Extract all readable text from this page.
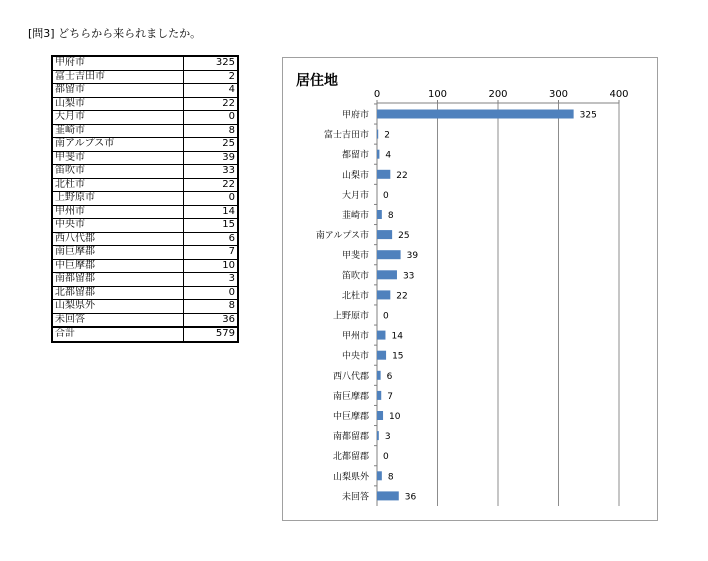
[問3] どちらから来られましたか。
甲府市	325
富士吉田市	2
都留市	4
山梨市	22
大月市	0
韮崎市	8
南アルプス市	25
甲斐市	39
笛吹市	33
北杜市	22
上野原市	0
甲州市	14
中央市	15
西八代郡	6
南巨摩郡	7
中巨摩郡	10
南都留郡	3
北都留郡	0
山梨県外	8
未回答	36
合計	579
居住地
0	100	200	300	400
甲府市	325
富士吉田市 2
都留市 4
山梨市	22
大月市 0
韮崎市 8
南アルプス市	25
甲斐市	39
笛吹市	33
北杜市	22
上野原市 0
甲州市 14
中央市	15
西八代郡 6
南巨摩郡 7
中巨摩郡 10
南都留郡 3
北都留郡 0
山梨県外 8
未回答	36
